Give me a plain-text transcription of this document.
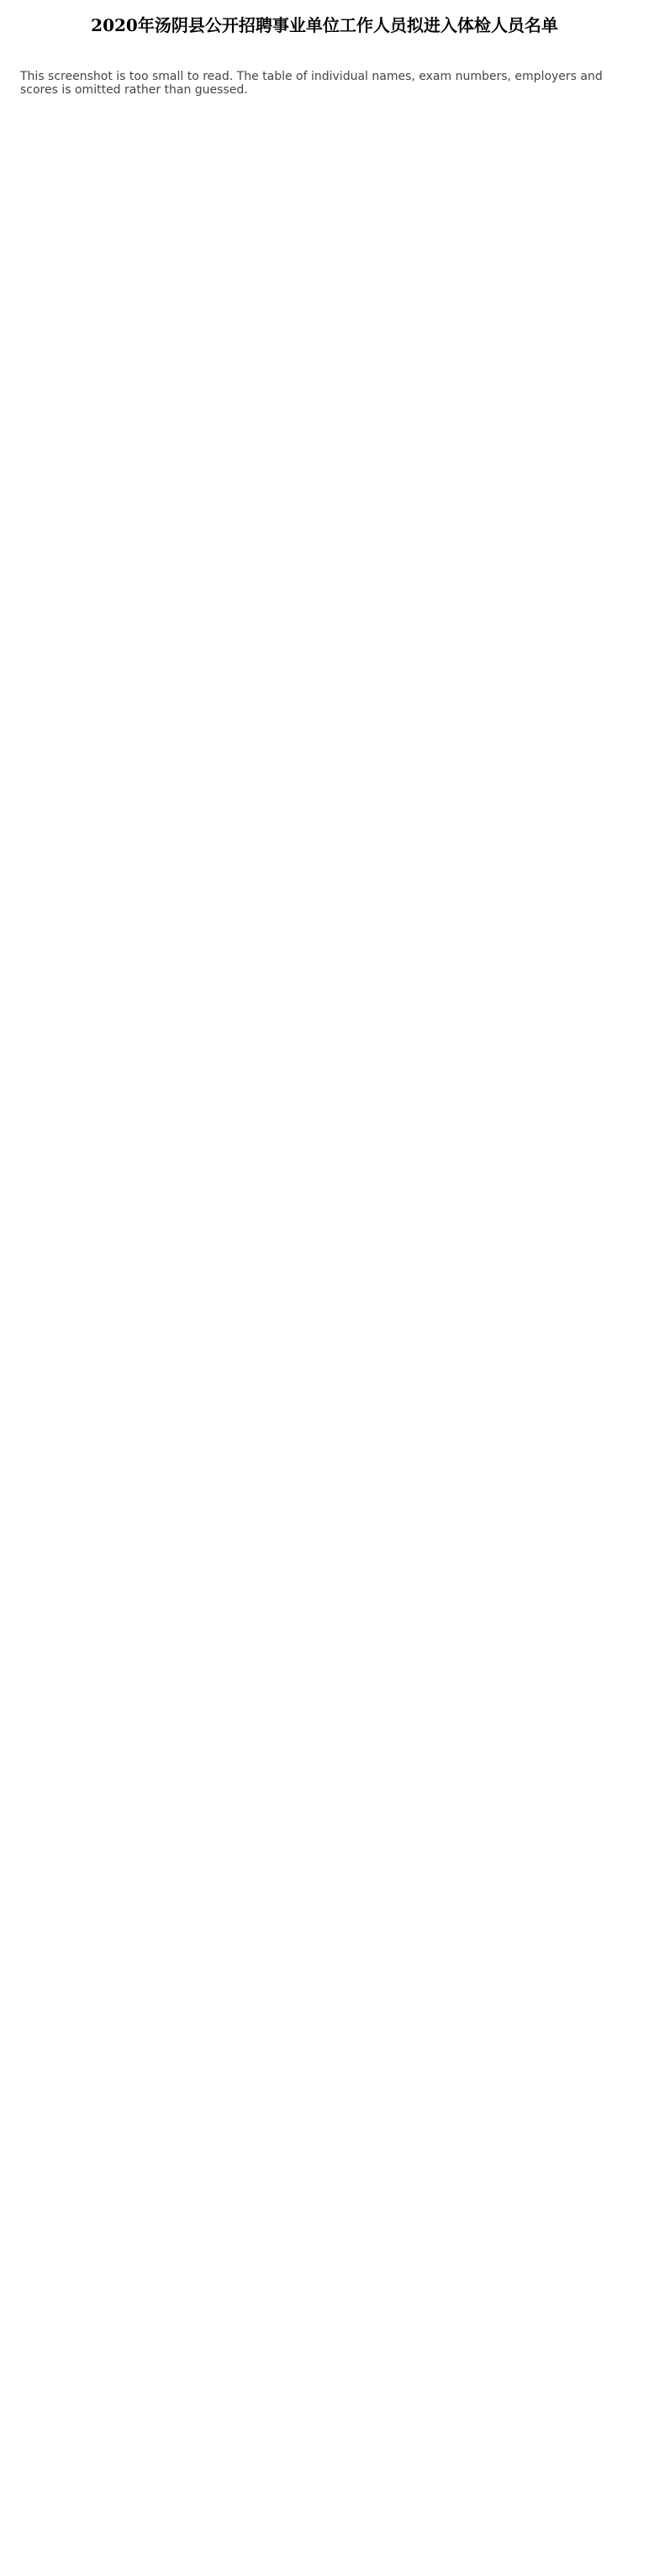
2020年汤阴县公开招聘事业单位工作人员拟进入体检人员名单

This screenshot is too small to read. The table of individual names, exam numbers, employers and scores is omitted rather than guessed.
